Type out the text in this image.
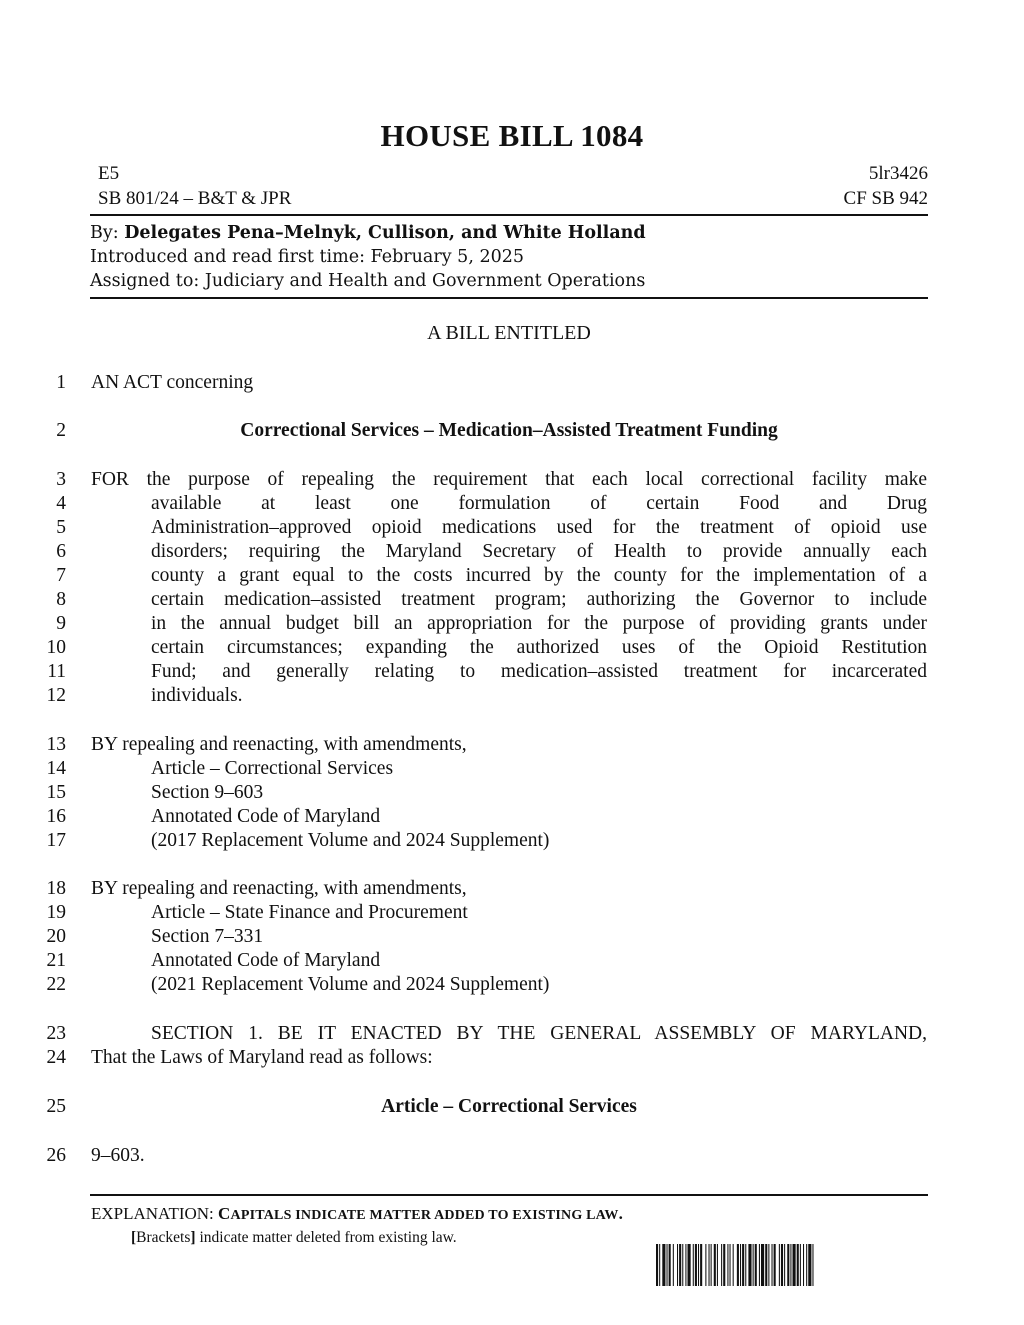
HOUSE BILL 1084
E5
SB 801/24 – B&T & JPR
5lr3426
CF SB 942
By: Delegates Pena–Melnyk, Cullison, and White Holland
Introduced and read first time: February 5, 2025
Assigned to: Judiciary and Health and Government Operations
A BILL ENTITLED
1 AN ACT concerning
2	Correctional Services – Medication–Assisted Treatment Funding
3 FOR the purpose of repealing the requirement that each local correctional facility make
4	available at least one formulation of certain Food and Drug
5	Administration–approved opioid medications used for the treatment of opioid use
6	disorders; requiring the Maryland Secretary of Health to provide annually each
7	county a grant equal to the costs incurred by the county for the implementation of a
8	certain medication–assisted treatment program; authorizing the Governor to include
9	in the annual budget bill an appropriation for the purpose of providing grants under
10	certain circumstances; expanding the authorized uses of the Opioid Restitution
11	Fund; and generally relating to medication–assisted treatment for incarcerated
12	individuals.
13 BY repealing and reenacting, with amendments,
14	Article – Correctional Services
15	Section 9–603
16	Annotated Code of Maryland
17	(2017 Replacement Volume and 2024 Supplement)
18 BY repealing and reenacting, with amendments,
19	Article – State Finance and Procurement
20	Section 7–331
21	Annotated Code of Maryland
22	(2021 Replacement Volume and 2024 Supplement)
23	SECTION 1. BE IT ENACTED BY THE GENERAL ASSEMBLY OF MARYLAND,
24 That the Laws of Maryland read as follows:
25	Article – Correctional Services
26 9–603.
EXPLANATION: CAPITALS INDICATE MATTER ADDED TO EXISTING LAW.
[Brackets] indicate matter deleted from existing law.
